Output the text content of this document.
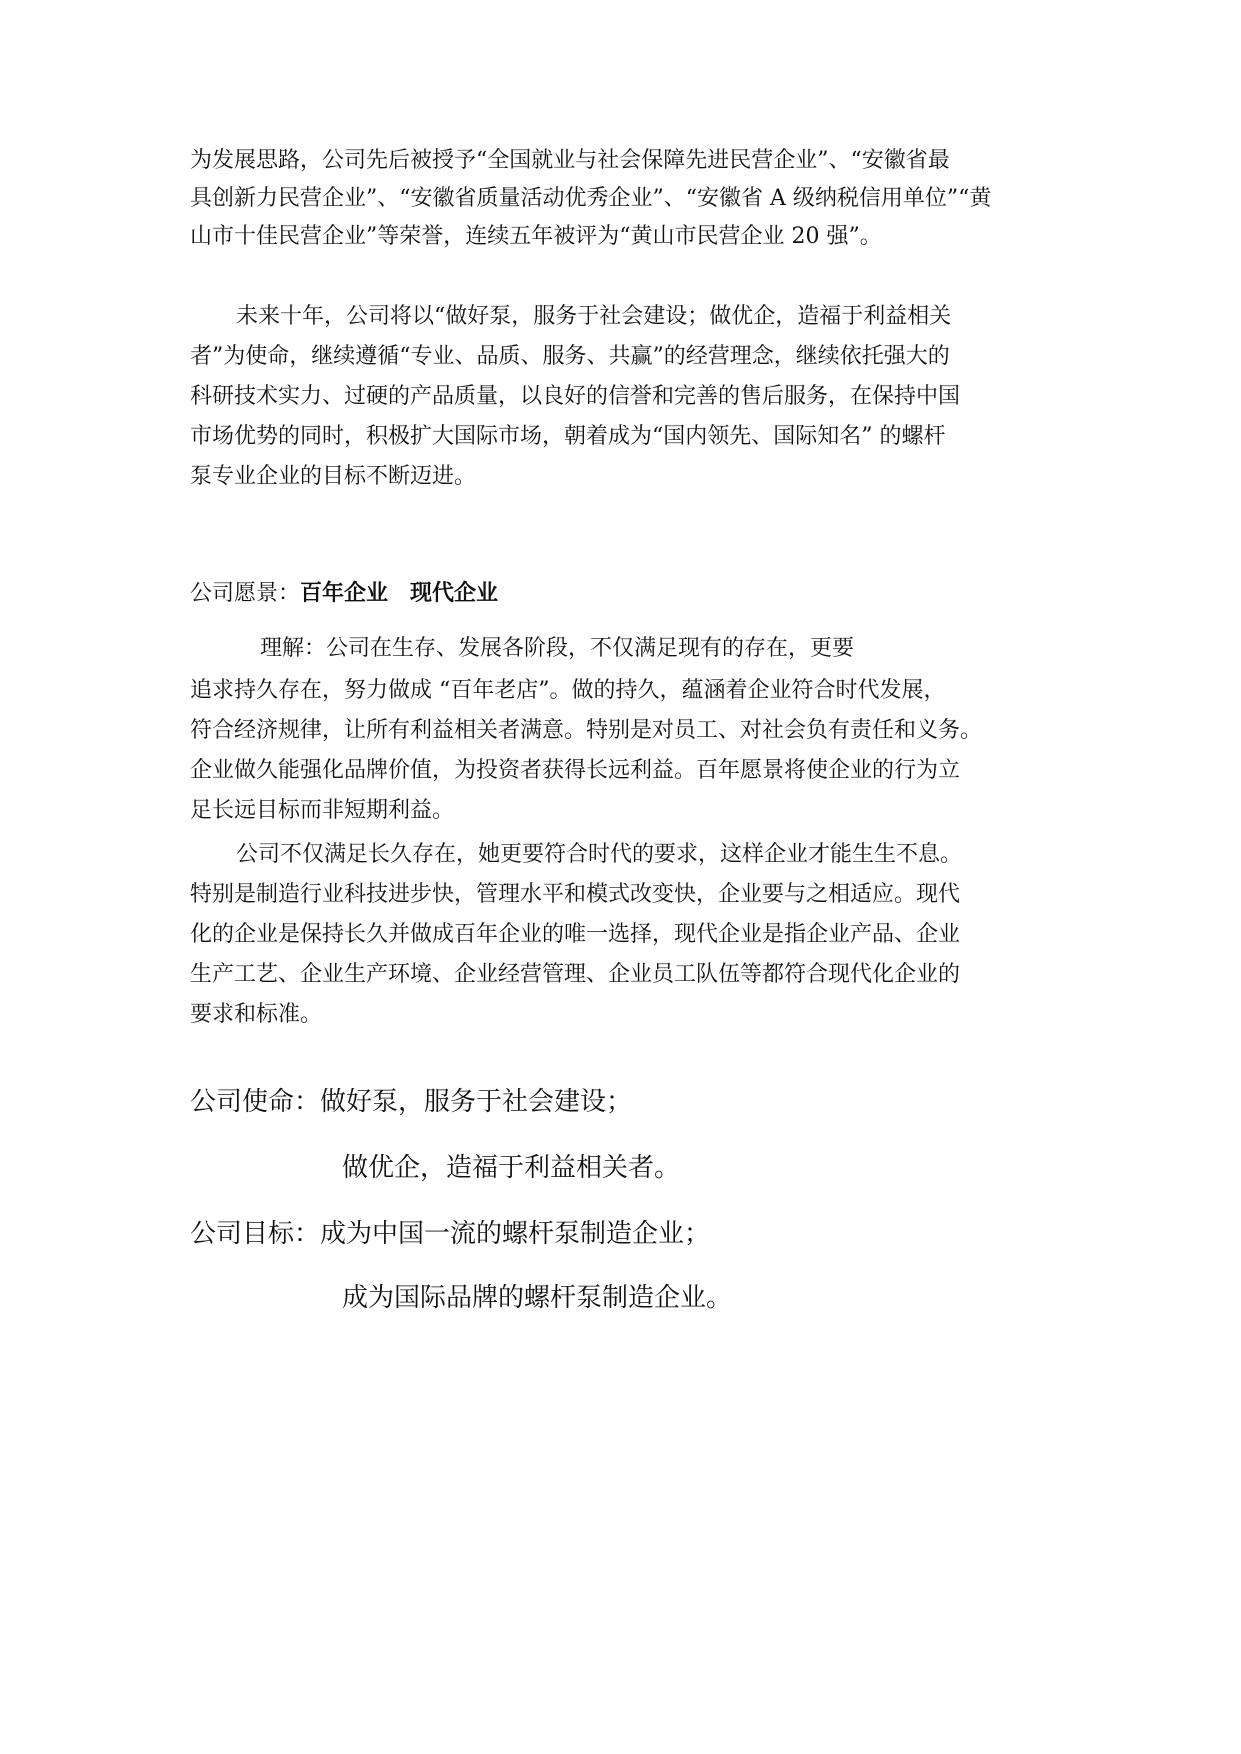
为发展思路，公司先后被授予“全国就业与社会保障先进民营企业”、“安徽省最
具创新力民营企业”、“安徽省质量活动优秀企业”、“安徽省 A 级纳税信用单位”“黄
山市十佳民营企业”等荣誉，连续五年被评为“黄山市民营企业 20 强”。
未来十年，公司将以“做好泵，服务于社会建设；做优企，造福于利益相关
者”为使命，继续遵循“专业、品质、服务、共赢”的经营理念，继续依托强大的
科研技术实力、过硬的产品质量，以良好的信誉和完善的售后服务，在保持中国
市场优势的同时，积极扩大国际市场，朝着成为“国内领先、国际知名” 的螺杆
泵专业企业的目标不断迈进。
公司愿景：百年企业　现代企业
理解：公司在生存、发展各阶段，不仅满足现有的存在，更要
追求持久存在，努力做成 “百年老店”。做的持久，蕴涵着企业符合时代发展，
符合经济规律，让所有利益相关者满意。特别是对员工、对社会负有责任和义务。
企业做久能强化品牌价值，为投资者获得长远利益。百年愿景将使企业的行为立
足长远目标而非短期利益。
公司不仅满足长久存在，她更要符合时代的要求，这样企业才能生生不息。
特别是制造行业科技进步快，管理水平和模式改变快，企业要与之相适应。现代
化的企业是保持长久并做成百年企业的唯一选择，现代企业是指企业产品、企业
生产工艺、企业生产环境、企业经营管理、企业员工队伍等都符合现代化企业的
要求和标准。
公司使命：做好泵，服务于社会建设；
做优企，造福于利益相关者。
公司目标：成为中国一流的螺杆泵制造企业；
成为国际品牌的螺杆泵制造企业。
